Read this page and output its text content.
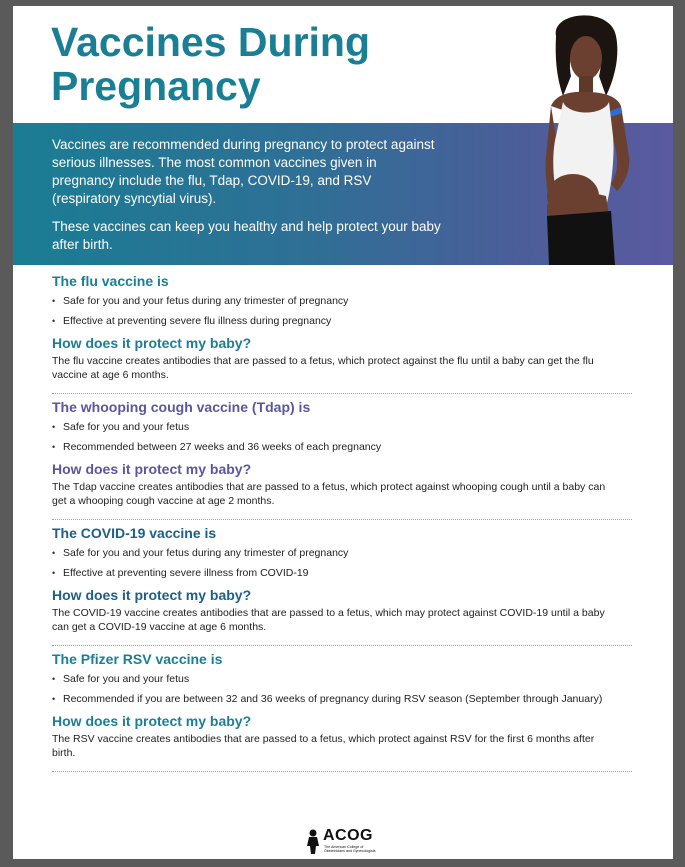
Vaccines During Pregnancy

Vaccines are recommended during pregnancy to protect against serious illnesses. The most common vaccines given in pregnancy include the flu, Tdap, COVID-19, and RSV (respiratory syncytial virus).

These vaccines can keep you healthy and help protect your baby after birth.

The flu vaccine is
• Safe for you and your fetus during any trimester of pregnancy
• Effective at preventing severe flu illness during pregnancy
How does it protect my baby?

The flu vaccine creates antibodies that are passed to a fetus, which protect against the flu until a baby can get the flu vaccine at age 6 months.

The whooping cough vaccine (Tdap) is
• Safe for you and your fetus
• Recommended between 27 weeks and 36 weeks of each pregnancy
How does it protect my baby?

The Tdap vaccine creates antibodies that are passed to a fetus, which protect against whooping cough until a baby can get a whooping cough vaccine at age 2 months.

The COVID-19 vaccine is
• Safe for you and your fetus during any trimester of pregnancy
• Effective at preventing severe illness from COVID-19
How does it protect my baby?

The COVID-19 vaccine creates antibodies that are passed to a fetus, which may protect against COVID-19 until a baby can get a COVID-19 vaccine at age 6 months.

The Pfizer RSV vaccine is
• Safe for you and your fetus
• Recommended if you are between 32 and 36 weeks of pregnancy during RSV season (September through January)
How does it protect my baby?

The RSV vaccine creates antibodies that are passed to a fetus, which protect against RSV for the first 6 months after birth.

ACOG
The American College of Obstetricians and Gynecologists
